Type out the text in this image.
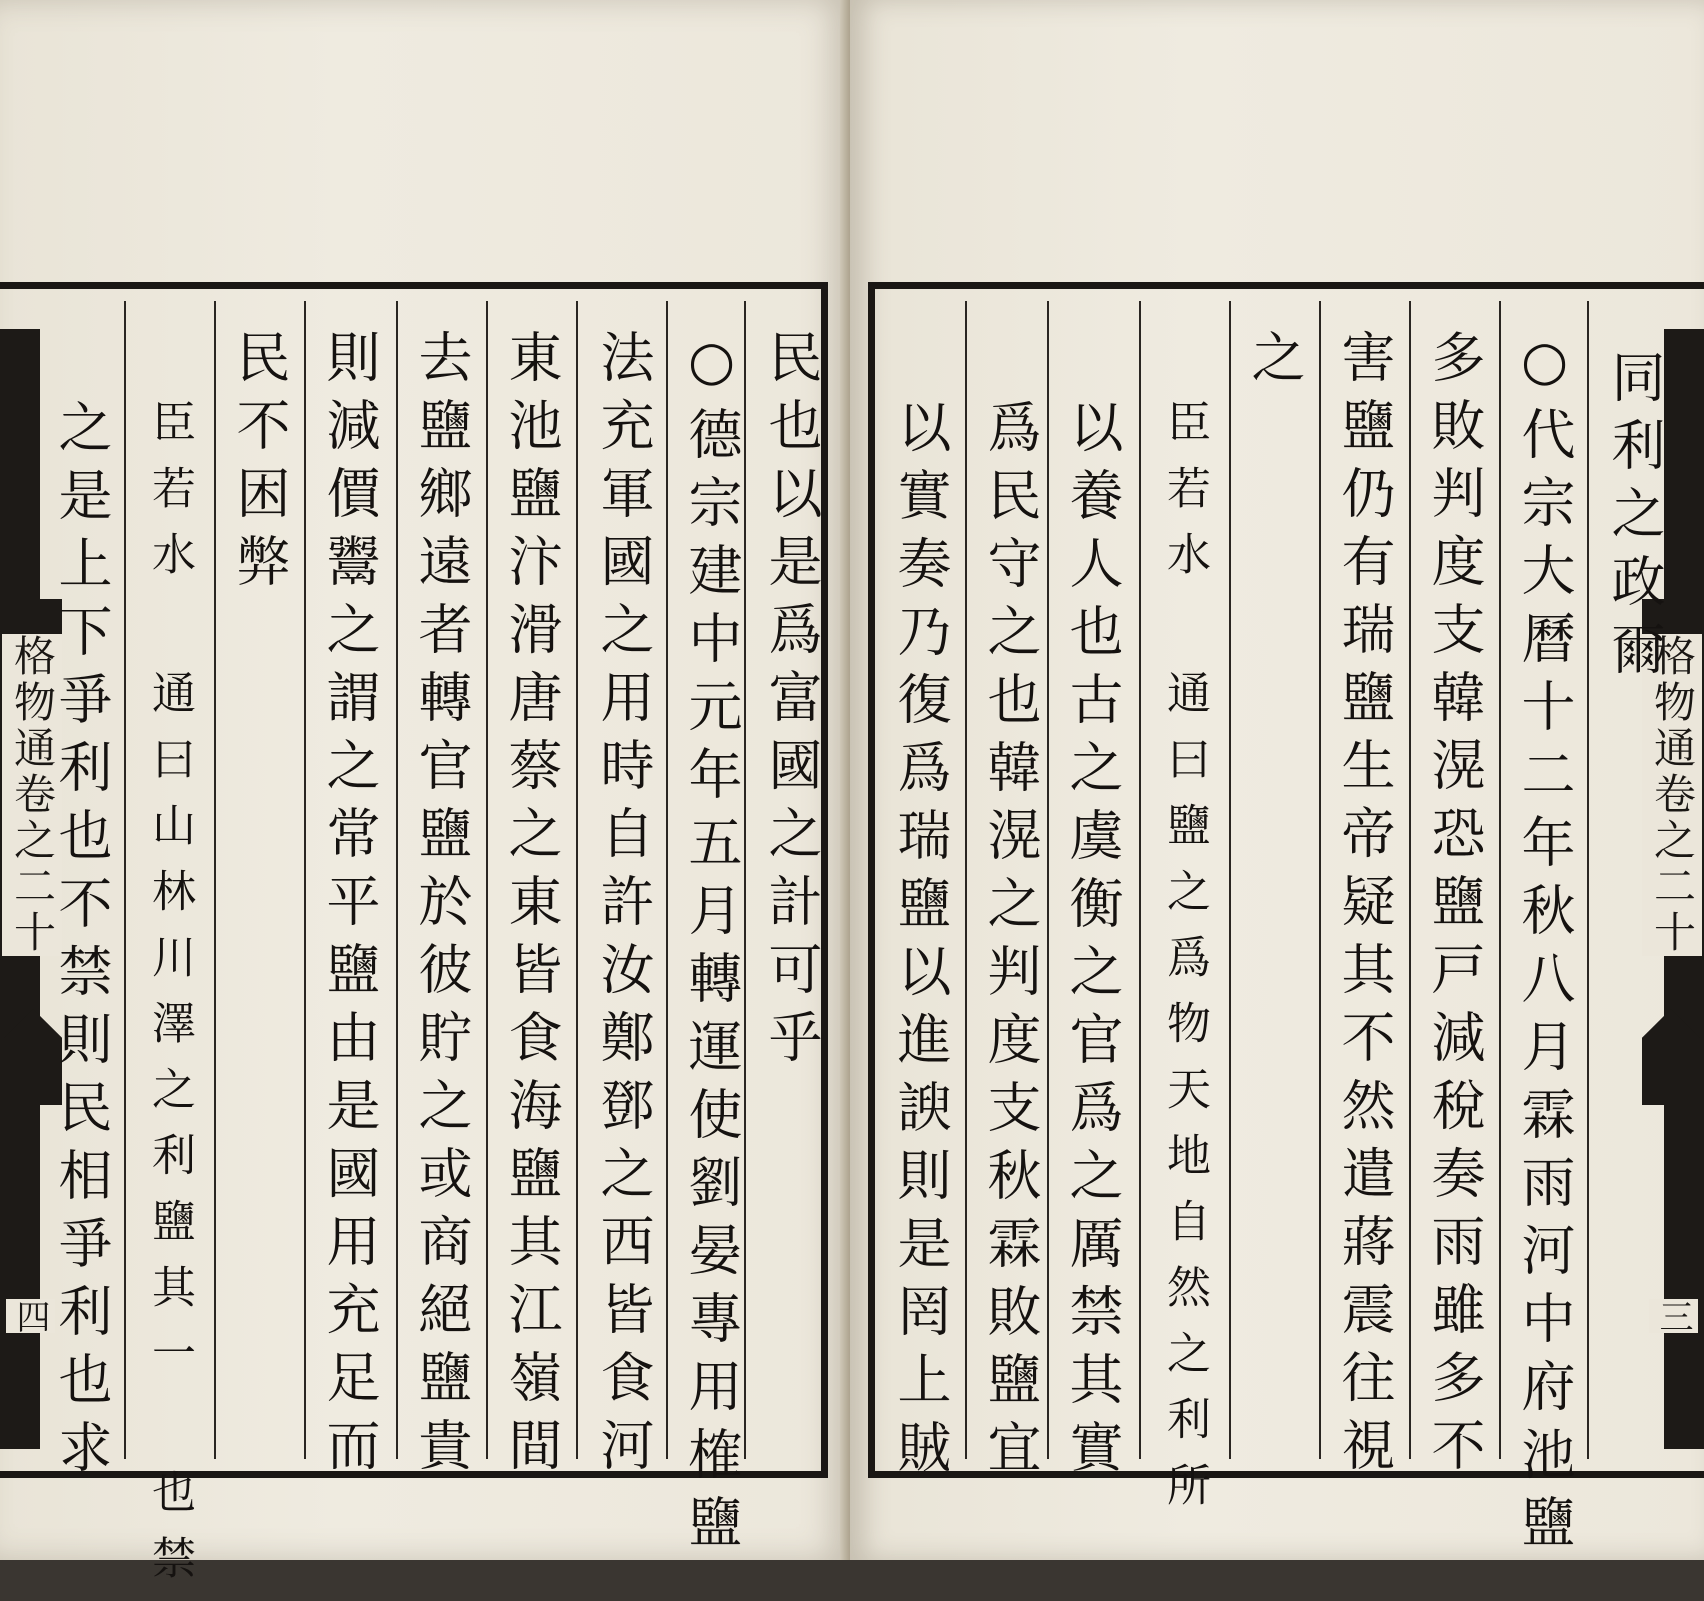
格物通卷之二十
四
民也以是爲富國之計可乎
○德宗建中元年五月轉運使劉晏專用榷鹽
法充軍國之用時自許汝鄭鄧之西皆食河
東池鹽汴滑唐蔡之東皆食海鹽其江嶺間
去鹽鄉遠者轉官鹽於彼貯之或商絕鹽貴
則減價鬻之謂之常平鹽由是國用充足而
民不困弊
臣若水 通曰山林川澤之利鹽其一 也禁
之是上下爭利也不禁則民相爭利也求	格物通卷之二十
三
同利之政爾
○代宗大曆十二年秋八月霖雨河中府池鹽
多敗判度支韓滉恐鹽戸減稅奏雨雖多不
害鹽仍有瑞鹽生帝疑其不然遣蔣震往視
之
臣若水 通曰鹽之爲物天地自然之利所
以養人也古之虞衡之官爲之厲禁其實
爲民守之也韓滉之判度支秋霖敗鹽宜
以實奏乃復爲瑞鹽以進諛則是罔上賊
